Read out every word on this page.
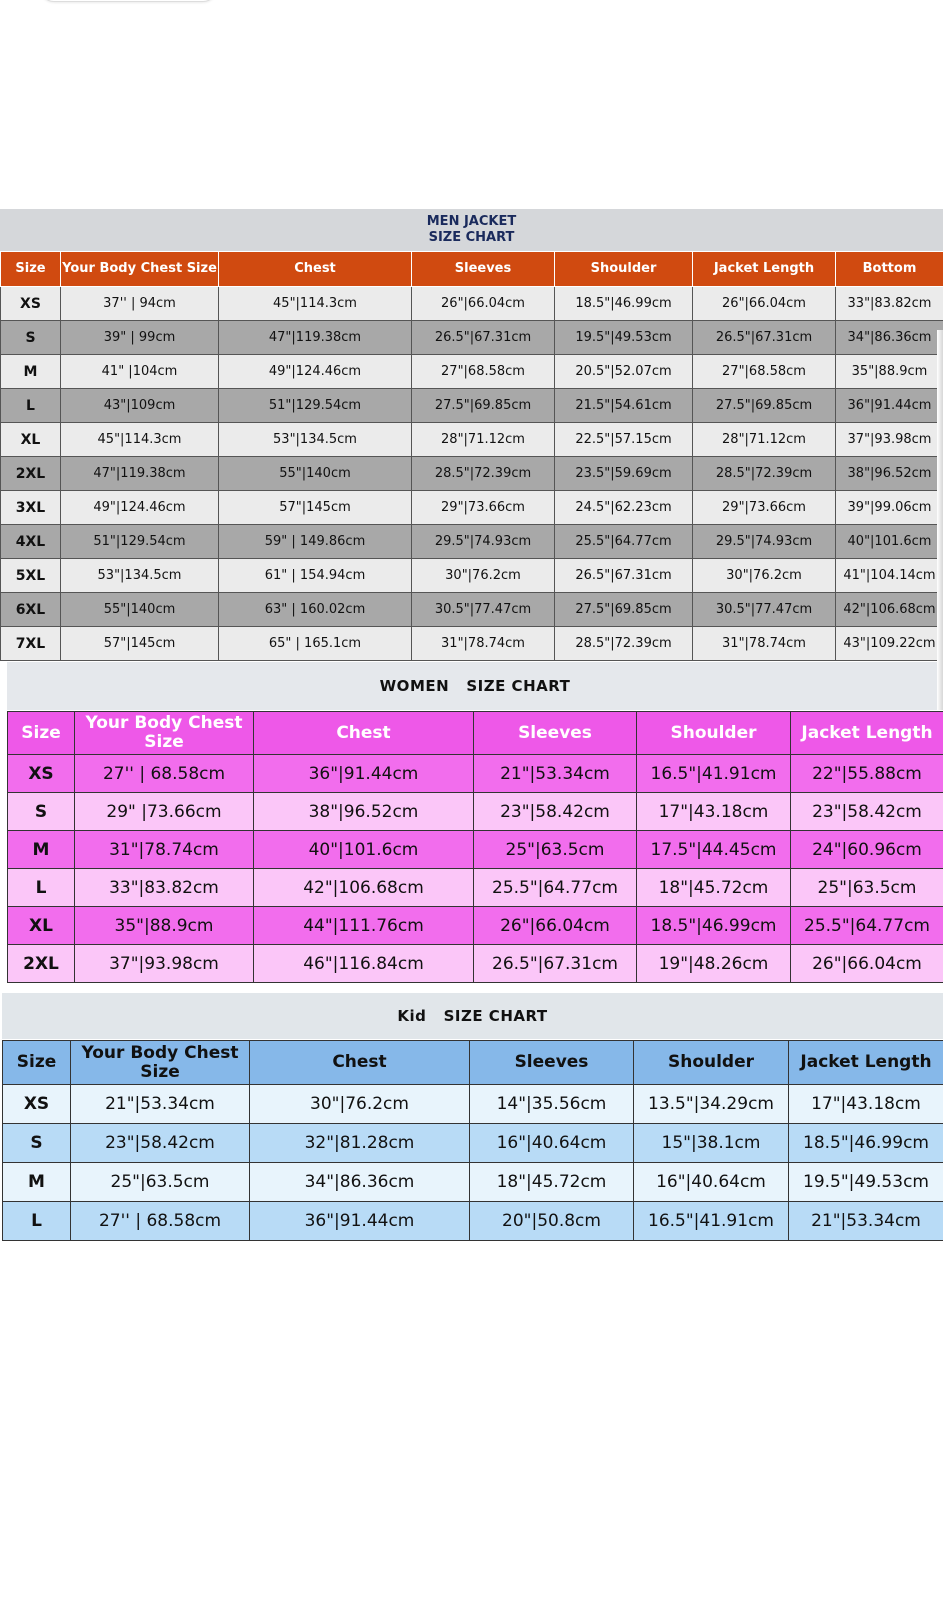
MEN JACKET
SIZE CHART
Size	Your Body Chest Size	Chest	Sleeves	Shoulder	Jacket Length	Bottom
XS	37'' | 94cm	45"|114.3cm	26"|66.04cm	18.5"|46.99cm	26"|66.04cm	33"|83.82cm
S	39" | 99cm	47"|119.38cm	26.5"|67.31cm	19.5"|49.53cm	26.5"|67.31cm	34"|86.36cm
M	41" |104cm	49"|124.46cm	27"|68.58cm	20.5"|52.07cm	27"|68.58cm	35"|88.9cm
L	43"|109cm	51"|129.54cm	27.5"|69.85cm	21.5"|54.61cm	27.5"|69.85cm	36"|91.44cm
XL	45"|114.3cm	53"|134.5cm	28"|71.12cm	22.5"|57.15cm	28"|71.12cm	37"|93.98cm
2XL	47"|119.38cm	55"|140cm	28.5"|72.39cm	23.5"|59.69cm	28.5"|72.39cm	38"|96.52cm
3XL	49"|124.46cm	57"|145cm	29"|73.66cm	24.5"|62.23cm	29"|73.66cm	39"|99.06cm
4XL	51"|129.54cm	59" | 149.86cm	29.5"|74.93cm	25.5"|64.77cm	29.5"|74.93cm	40"|101.6cm
5XL	53"|134.5cm	61" | 154.94cm	30"|76.2cm	26.5"|67.31cm	30"|76.2cm	41"|104.14cm
6XL	55"|140cm	63" | 160.02cm	30.5"|77.47cm	27.5"|69.85cm	30.5"|77.47cm	42"|106.68cm
7XL	57"|145cm	65" | 165.1cm	31"|78.74cm	28.5"|72.39cm	31"|78.74cm	43"|109.22cm
WOMEN   SIZE CHART
Size	Your Body Chest Size	Chest	Sleeves	Shoulder	Jacket Length
XS	27'' | 68.58cm	36"|91.44cm	21"|53.34cm	16.5"|41.91cm	22"|55.88cm
S	29" |73.66cm	38"|96.52cm	23"|58.42cm	17"|43.18cm	23"|58.42cm
M	31"|78.74cm	40"|101.6cm	25"|63.5cm	17.5"|44.45cm	24"|60.96cm
L	33"|83.82cm	42"|106.68cm	25.5"|64.77cm	18"|45.72cm	25"|63.5cm
XL	35"|88.9cm	44"|111.76cm	26"|66.04cm	18.5"|46.99cm	25.5"|64.77cm
2XL	37"|93.98cm	46"|116.84cm	26.5"|67.31cm	19"|48.26cm	26"|66.04cm
Kid   SIZE CHART
Size	Your Body Chest Size	Chest	Sleeves	Shoulder	Jacket Length
XS	21"|53.34cm	30"|76.2cm	14"|35.56cm	13.5"|34.29cm	17"|43.18cm
S	23"|58.42cm	32"|81.28cm	16"|40.64cm	15"|38.1cm	18.5"|46.99cm
M	25"|63.5cm	34"|86.36cm	18"|45.72cm	16"|40.64cm	19.5"|49.53cm
L	27'' | 68.58cm	36"|91.44cm	20"|50.8cm	16.5"|41.91cm	21"|53.34cm
